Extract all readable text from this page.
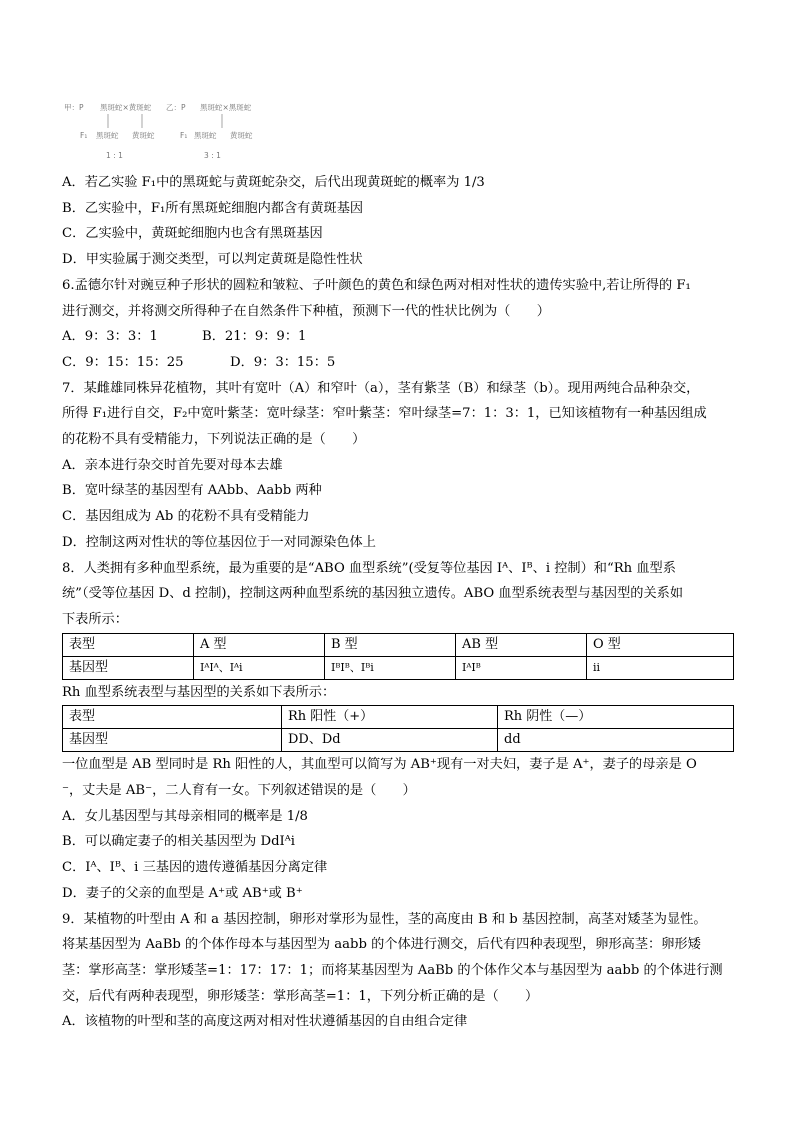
甲：P 黑斑蛇×黄斑蛇
F₁ 黑斑蛇 黄斑蛇
1 : 1
乙：P 黑斑蛇×黑斑蛇
F₁ 黑斑蛇 黄斑蛇
3 : 1
A．若乙实验 F₁中的黑斑蛇与黄斑蛇杂交，后代出现黄斑蛇的概率为 1/3
B．乙实验中，F₁所有黑斑蛇细胞内都含有黄斑基因
C．乙实验中，黄斑蛇细胞内也含有黑斑基因
D．甲实验属于测交类型，可以判定黄斑是隐性性状
6.孟德尔针对豌豆种子形状的圆粒和皱粒、子叶颜色的黄色和绿色两对相对性状的遗传实验中,若让所得的 F₁
进行测交，并将测交所得种子在自然条件下种植，预测下一代的性状比例为（　　）
A．9：3：3：1	B．21：9：9：1
C．9：15：15：25	D．9：3：15：5
7．某雌雄同株异花植物，其叶有宽叶（A）和窄叶（a），茎有紫茎（B）和绿茎（b）。现用两纯合品种杂交，
所得 F₁进行自交，F₂中宽叶紫茎：宽叶绿茎：窄叶紫茎：窄叶绿茎=7：1：3：1，已知该植物有一种基因组成
的花粉不具有受精能力，下列说法正确的是（　　）
A．亲本进行杂交时首先要对母本去雄
B．宽叶绿茎的基因型有 AAbb、Aabb 两种
C．基因组成为 Ab 的花粉不具有受精能力
D．控制这两对性状的等位基因位于一对同源染色体上
8．人类拥有多种血型系统，最为重要的是“ABO 血型系统”(受复等位基因 Iᴬ、Iᴮ、i 控制）和“Rh 血型系
统”（受等位基因 D、d 控制)，控制这两种血型系统的基因独立遗传。ABO 血型系统表型与基因型的关系如
下表所示：
表型	A 型	B 型	AB 型	O 型
基因型	IᴬIᴬ、Iᴬi	IᴮIᴮ、Iᴮi	IᴬIᴮ	ii
Rh 血型系统表型与基因型的关系如下表所示：
表型	Rh 阳性（+）	Rh 阴性（—）
基因型	DD、Dd	dd
一位血型是 AB 型同时是 Rh 阳性的人，其血型可以简写为 AB⁺现有一对夫妇，妻子是 A⁺，妻子的母亲是 O
⁻，丈夫是 AB⁻，二人育有一女。下列叙述错误的是（　　）
A．女儿基因型与其母亲相同的概率是 1/8
B．可以确定妻子的相关基因型为 DdIᴬi
C．Iᴬ、Iᴮ、i 三基因的遗传遵循基因分离定律
D．妻子的父亲的血型是 A⁺或 AB⁺或 B⁺
9．某植物的叶型由 A 和 a 基因控制，卵形对掌形为显性，茎的高度由 B 和 b 基因控制，高茎对矮茎为显性。
将某基因型为 AaBb 的个体作母本与基因型为 aabb 的个体进行测交，后代有四种表现型，卵形高茎：卵形矮
茎：掌形高茎：掌形矮茎=1：17：17：1；而将某基因型为 AaBb 的个体作父本与基因型为 aabb 的个体进行测
交，后代有两种表现型，卵形矮茎：掌形高茎=1：1，下列分析正确的是（　　）
A．该植物的叶型和茎的高度这两对相对性状遵循基因的自由组合定律
